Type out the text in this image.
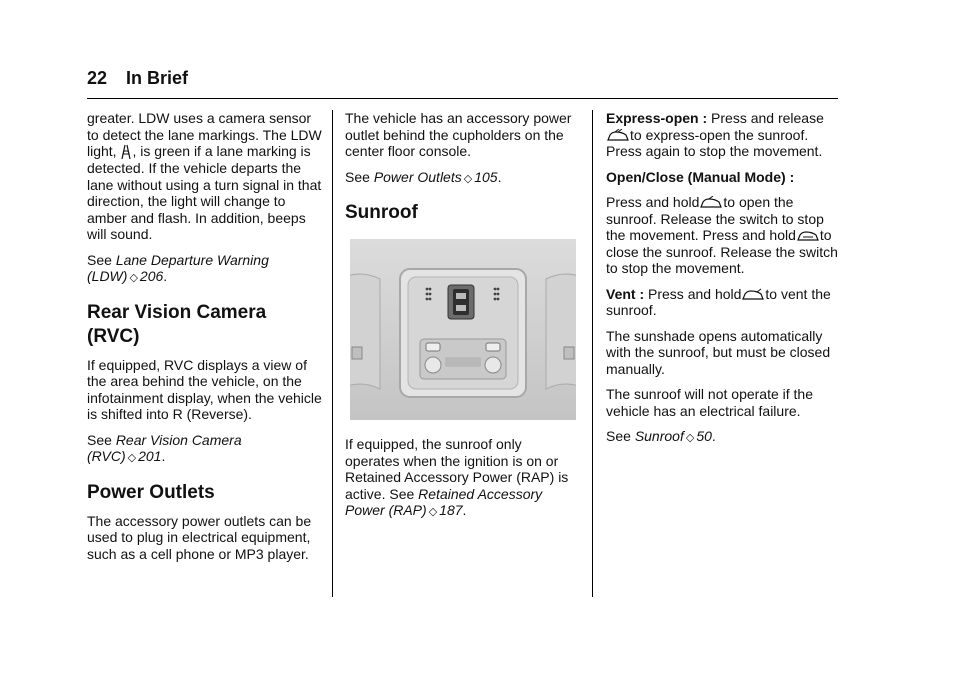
22 In Brief

greater. LDW uses a camera sensor to detect the lane markings. The LDW light, , is green if a lane marking is detected. If the vehicle departs the lane without using a turn signal in that direction, the light will change to amber and flash. In addition, beeps will sound.

See Lane Departure Warning (LDW) ◇ 206.

Rear Vision Camera (RVC)

If equipped, RVC displays a view of the area behind the vehicle, on the infotainment display, when the vehicle is shifted into R (Reverse).

See Rear Vision Camera (RVC) ◇ 201.

Power Outlets

The accessory power outlets can be used to plug in electrical equipment, such as a cell phone or MP3 player.

The vehicle has an accessory power outlet behind the cupholders on the center floor console.

See Power Outlets ◇ 105.

Sunroof

If equipped, the sunroof only operates when the ignition is on or Retained Accessory Power (RAP) is active. See Retained Accessory Power (RAP) ◇ 187.

Express-open : Press and releaseto express-open the sunroof. Press again to stop the movement.

Open/Close (Manual Mode) :

Press and hold to open the sunroof. Release the switch to stop the movement. Press and hold to close the sunroof. Release the switch to stop the movement.

Vent : Press and hold to vent the sunroof.

The sunshade opens automatically with the sunroof, but must be closed manually.

The sunroof will not operate if the vehicle has an electrical failure.

See Sunroof ◇ 50.
